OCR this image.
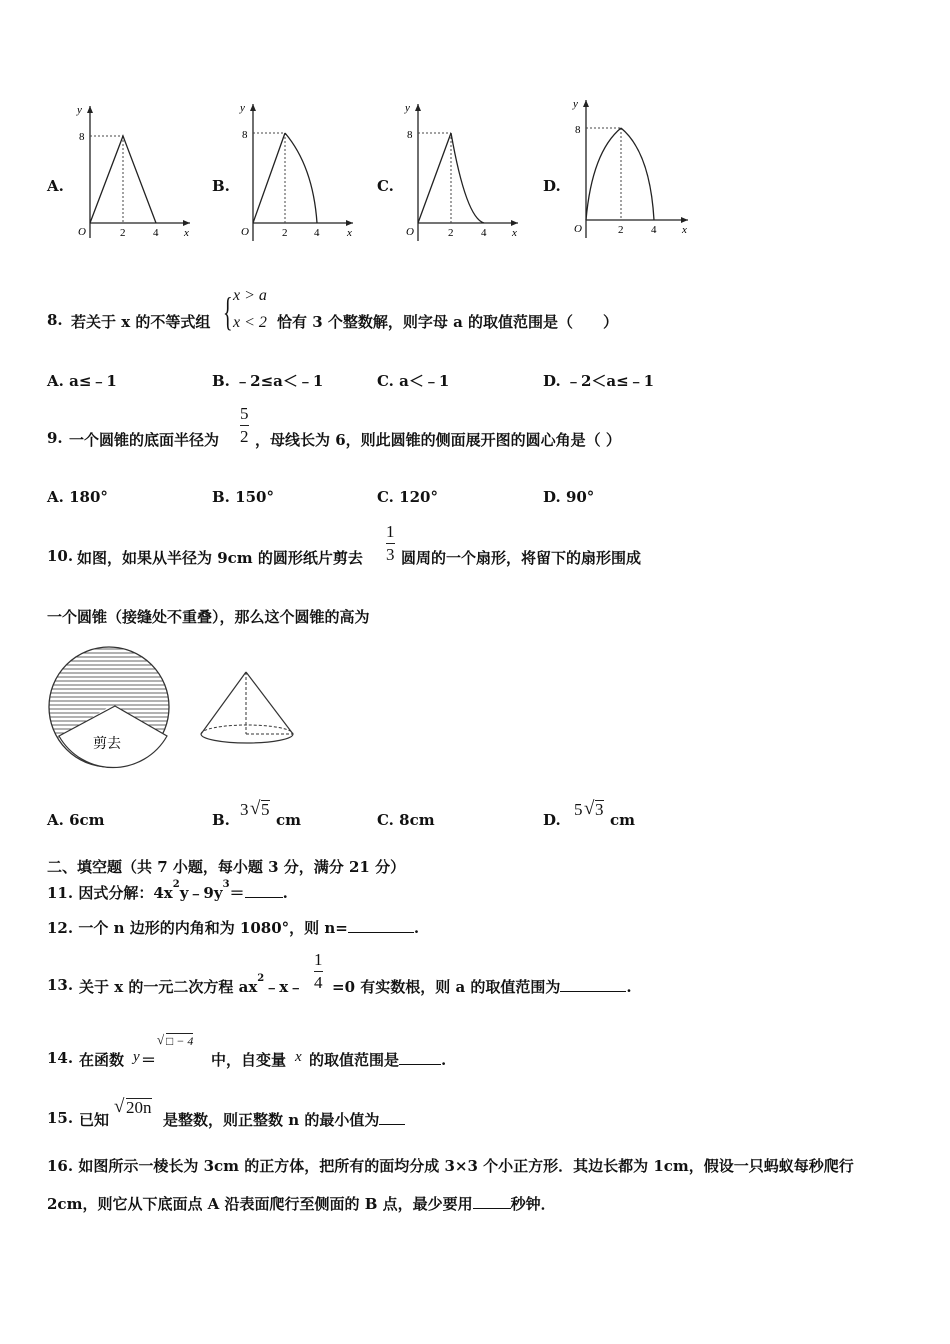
A.
y
8
O	2	4 x
B.
y
8
O	2 4	x
C.
y
8
O	2	4 x
D.
y
8
O	2	4 x
8. 若关于 x 的不等式组 { x > a
x < 2 恰有 3 个整数解，则字母 a 的取值范围是（　　）
A. a≤﹣1	B. ﹣2≤a＜﹣1	C. a＜﹣1	D. ﹣2＜a≤﹣1
9. 一个圆锥的底面半径为
5
2 ，母线长为 6，则此圆锥的侧面展开图的圆心角是（ ）
A. 180°	B. 150°	C. 120°	D. 90°
10. 如图，如果从半径为 9cm 的圆形纸片剪去
1
3 圆周的一个扇形，将留下的扇形围成
一个圆锥（接缝处不重叠），那么这个圆锥的高为
剪去
A. 6cm	B.
3 √ 5
cm	C. 8cm	D.
5 √ 3
cm
二、填空题（共 7 小题，每小题 3 分，满分 21 分）
11. 因式分解：$4x^2y﹣9y^3=$	.
12. 一个 n 边形的内角和为 1080°，则 n=	.
13. 关于 x 的一元二次方程 $ax^2﹣x﹣$
1
4 =0 有实数根，则 a 的取值范围为	.
14. 在函数 y ＝
√ □ − 4
中，自变量 x 的取值范围是	.
15. 已知
√ 20n
是整数，则正整数 n 的最小值为
16. 如图所示一棱长为 3cm 的正方体，把所有的面均分成 3×3 个小正方形．其边长都为 1cm，假设一只蚂蚁每秒爬行
2cm，则它从下底面点 A 沿表面爬行至侧面的 B 点，最少要用	秒钟．
